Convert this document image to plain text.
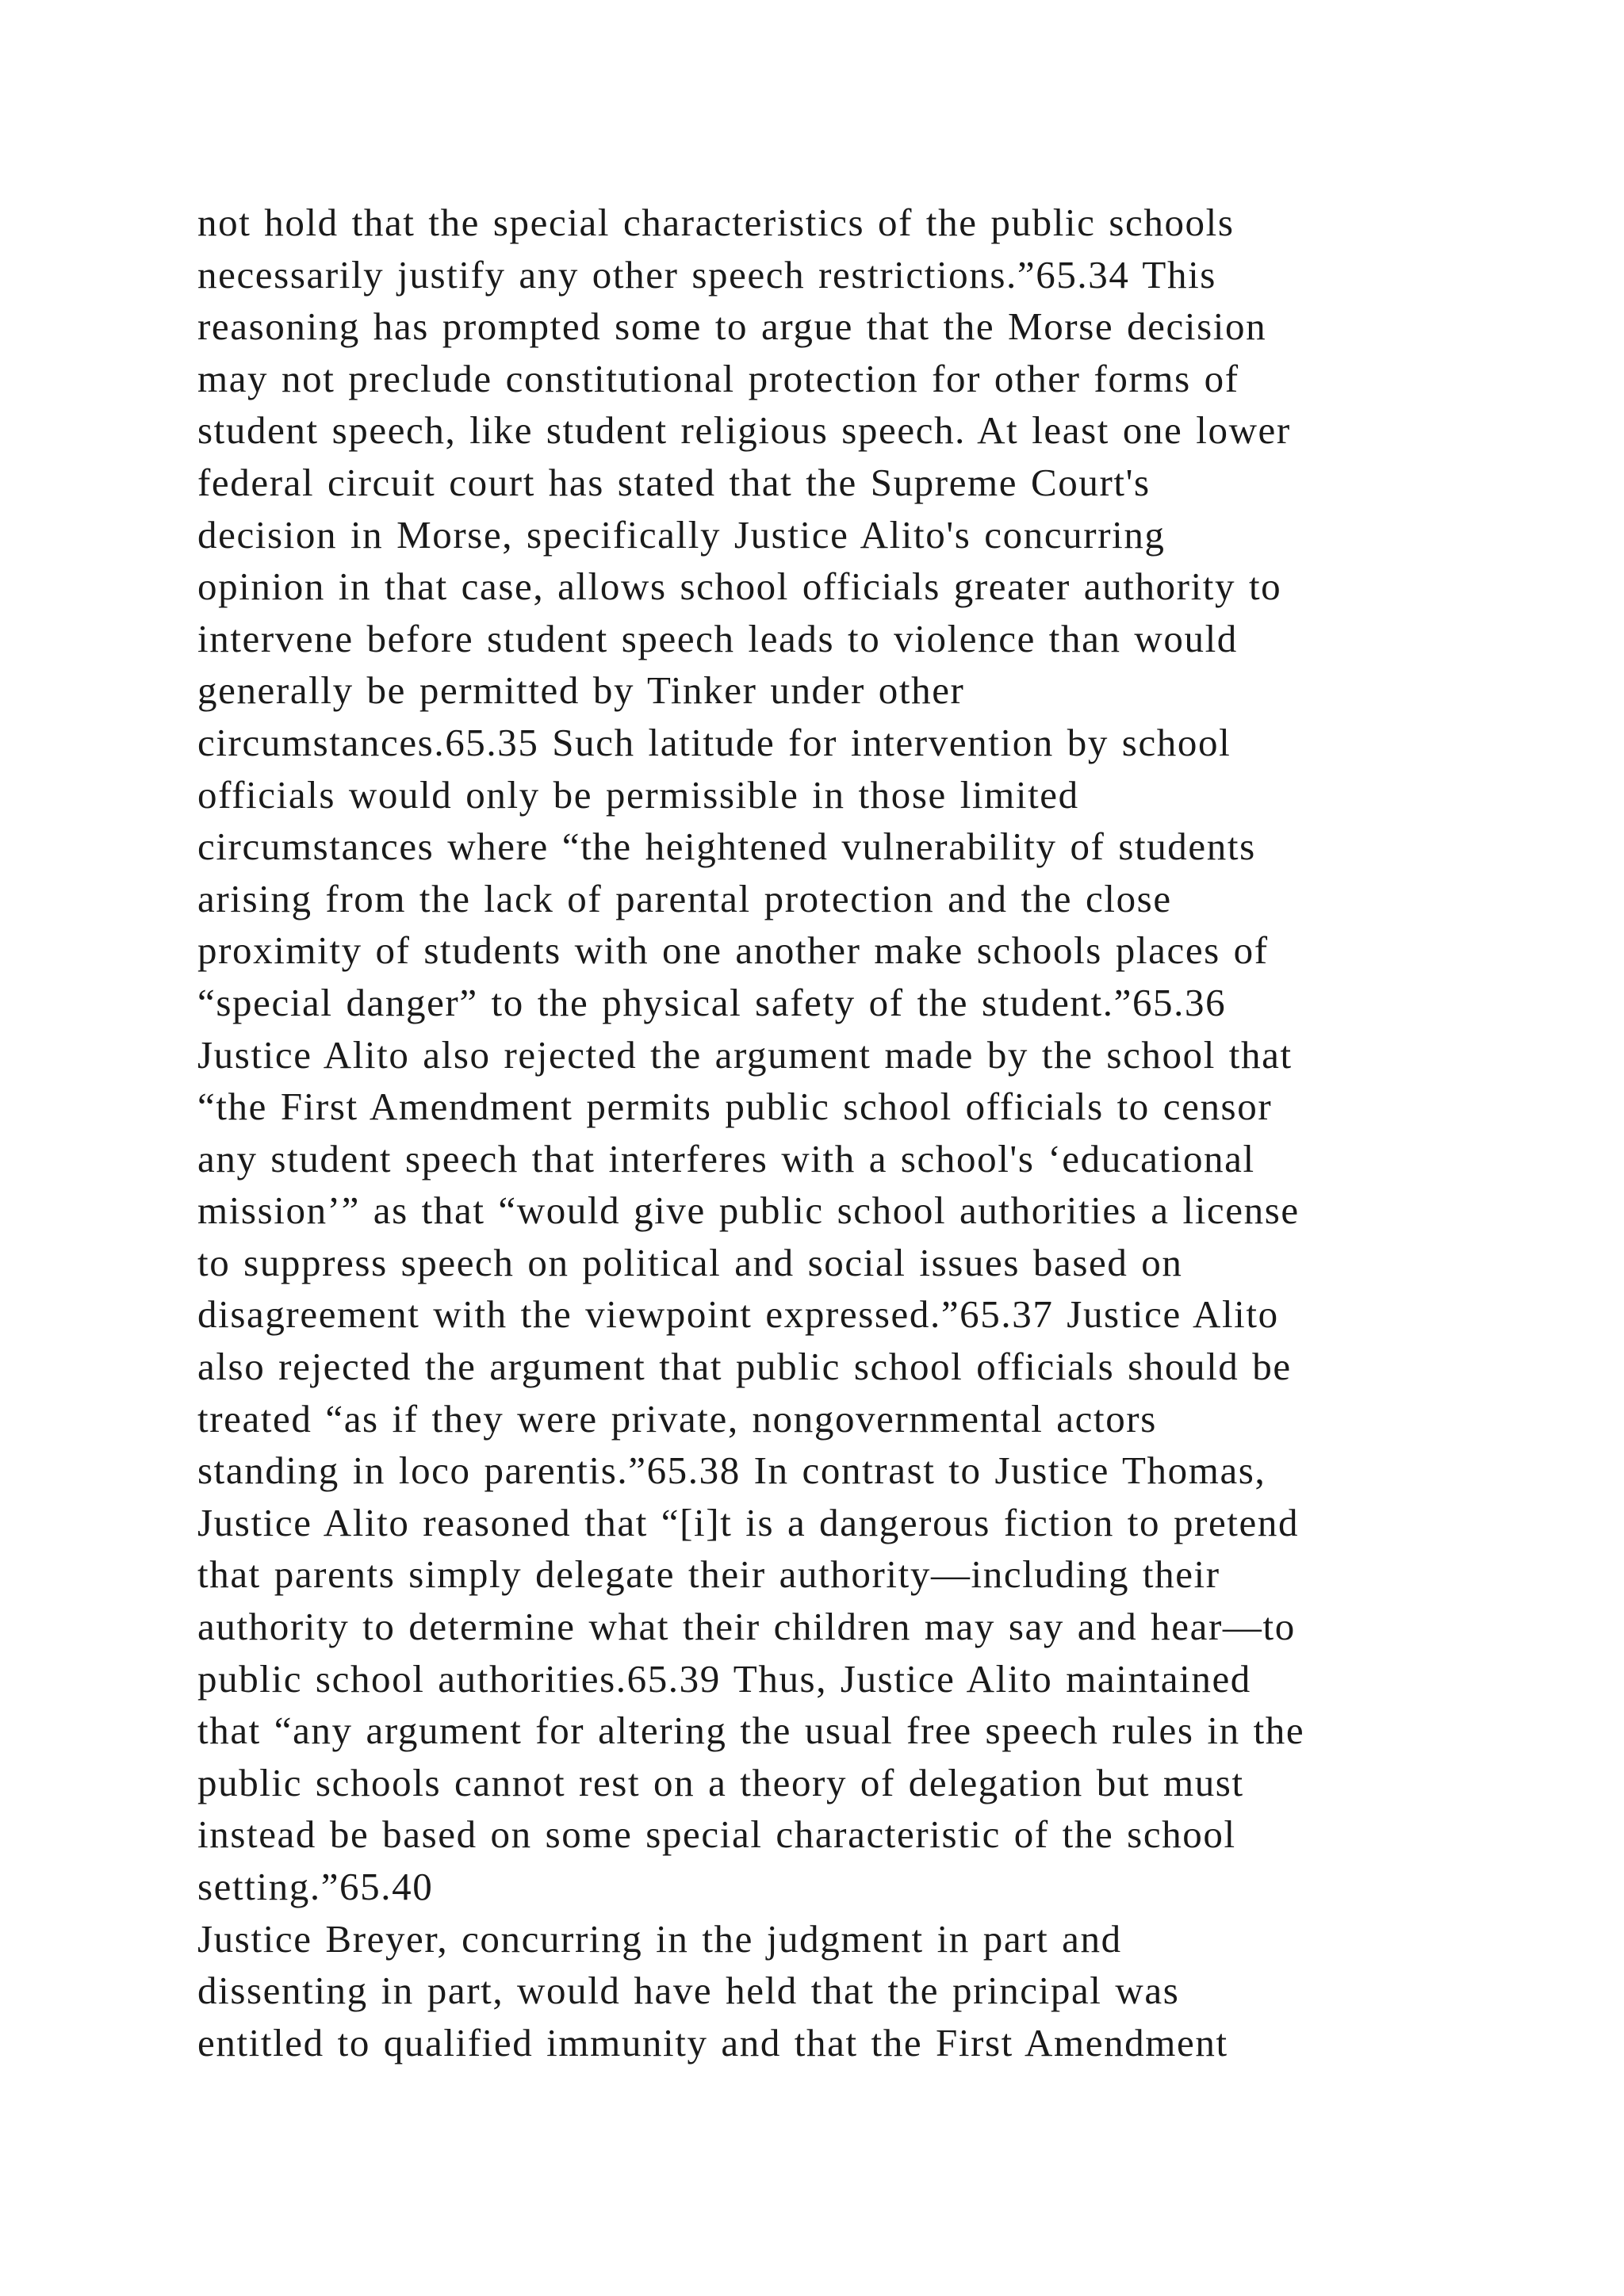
not hold that the special characteristics of the public schools
necessarily justify any other speech restrictions.”65.34 This
reasoning has prompted some to argue that the Morse decision
may not preclude constitutional protection for other forms of
student speech, like student religious speech. At least one lower
federal circuit court has stated that the Supreme Court's
decision in Morse, specifically Justice Alito's concurring
opinion in that case, allows school officials greater authority to
intervene before student speech leads to violence than would
generally be permitted by Tinker under other
circumstances.65.35 Such latitude for intervention by school
officials would only be permissible in those limited
circumstances where “the heightened vulnerability of students
arising from the lack of parental protection and the close
proximity of students with one another make schools places of
“special danger” to the physical safety of the student.”65.36
Justice Alito also rejected the argument made by the school that
“the First Amendment permits public school officials to censor
any student speech that interferes with a school's ‘educational
mission’” as that “would give public school authorities a license
to suppress speech on political and social issues based on
disagreement with the viewpoint expressed.”65.37 Justice Alito
also rejected the argument that public school officials should be
treated “as if they were private, nongovernmental actors
standing in loco parentis.”65.38 In contrast to Justice Thomas,
Justice Alito reasoned that “[i]t is a dangerous fiction to pretend
that parents simply delegate their authority—including their
authority to determine what their children may say and hear—to
public school authorities.65.39 Thus, Justice Alito maintained
that “any argument for altering the usual free speech rules in the
public schools cannot rest on a theory of delegation but must
instead be based on some special characteristic of the school
setting.”65.40
Justice Breyer, concurring in the judgment in part and
dissenting in part, would have held that the principal was
entitled to qualified immunity and that the First Amendment
